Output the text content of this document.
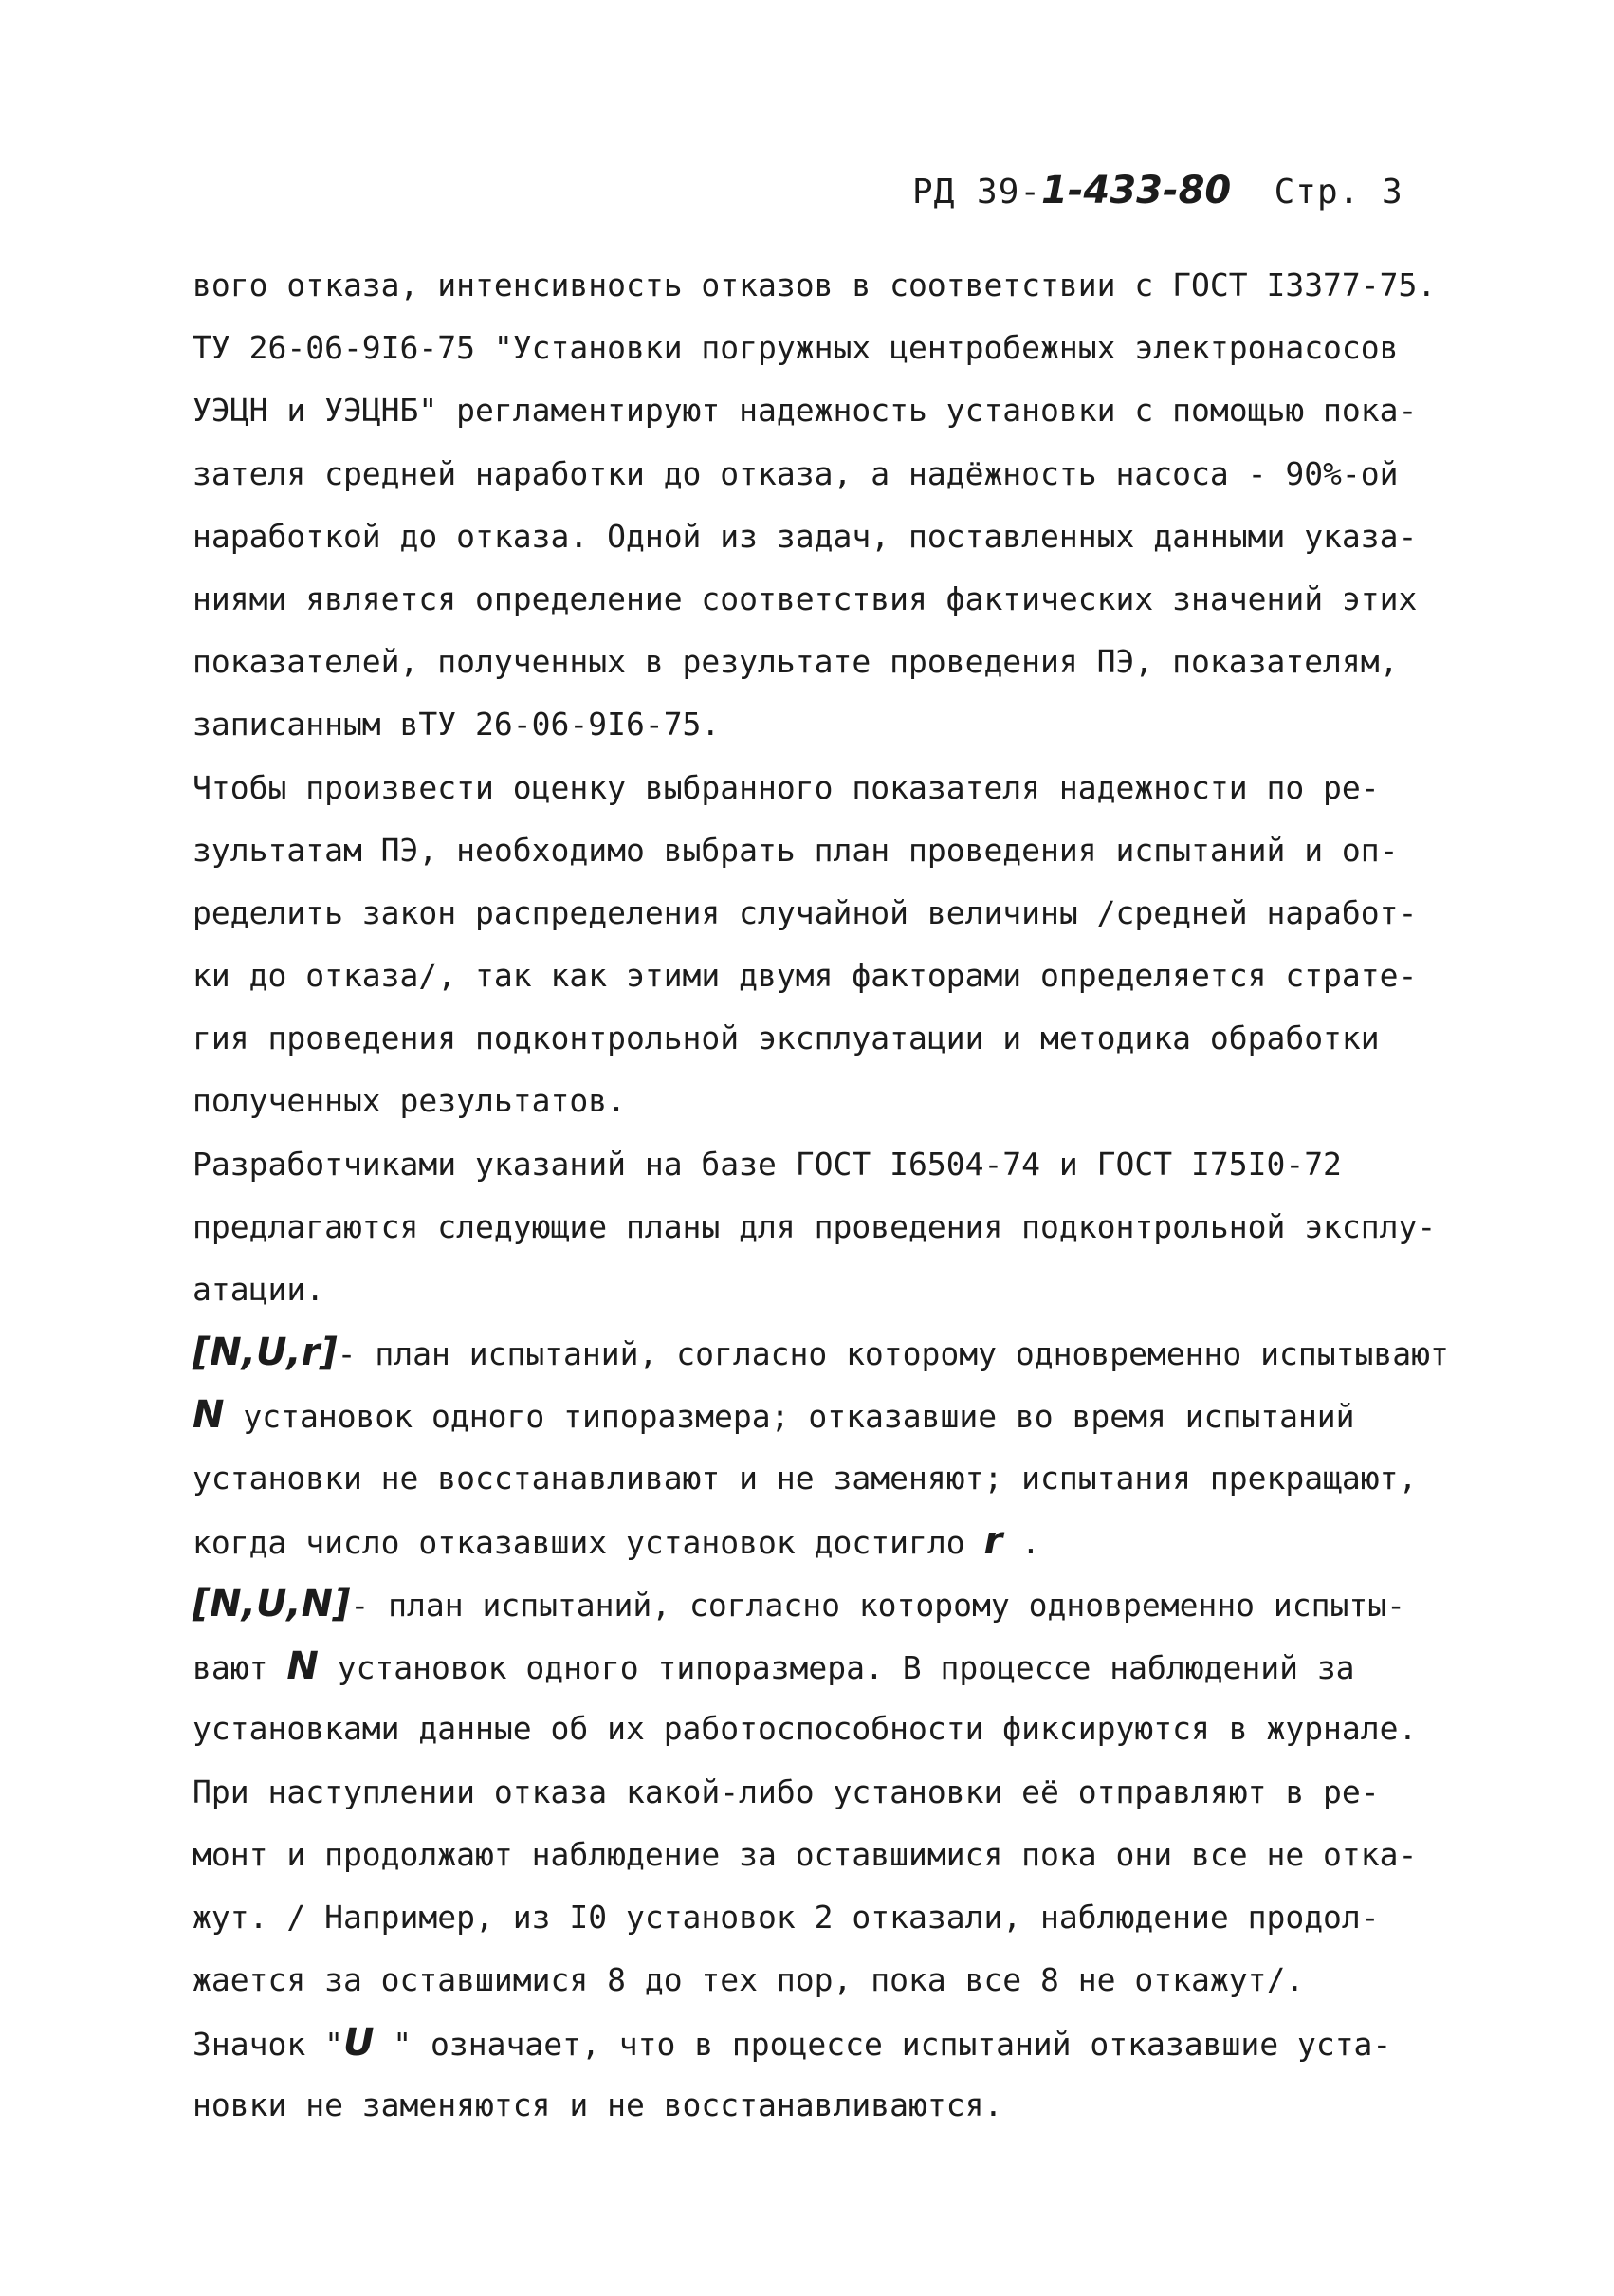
РД 39-1-433-80 Стр. 3
вого отказа, интенсивность отказов в соответствии с ГОСТ I3377-75.
ТУ 26-06-9I6-75 "Установки погружных центробежных электронасосов
УЭЦН и УЭЦНБ" регламентируют надежность установки с помощью пока-
зателя средней наработки до отказа, а надёжность насоса - 90%-ой
наработкой до отказа. Одной из задач, поставленных данными указа-
ниями является определение соответствия фактических значений этих
показателей, полученных в результате проведения ПЭ, показателям,
записанным вТУ 26-06-9I6-75.
Чтобы произвести оценку выбранного показателя надежности по ре-
зультатам ПЭ, необходимо выбрать план проведения испытаний и оп-
ределить закон распределения случайной величины /средней наработ-
ки до отказа/, так как этими двумя факторами определяется страте-
гия проведения подконтрольной эксплуатации и методика обработки
полученных результатов.
Разработчиками указаний на базе ГОСТ I6504-74 и ГОСТ I75I0-72
предлагаются следующие планы для проведения подконтрольной эксплу-
атации.
[N,U,r]- план испытаний, согласно которому одновременно испытывают
N установок одного типоразмера; отказавшие во время испытаний
установки не восстанавливают и не заменяют; испытания прекращают,
когда число отказавших установок достигло r .
[N,U,N]- план испытаний, согласно которому одновременно испыты-
вают N установок одного типоразмера. В процессе наблюдений за
установками данные об их работоспособности фиксируются в журнале.
При наступлении отказа какой-либо установки её отправляют в ре-
монт и продолжают наблюдение за оставшимися пока они все не отка-
жут. / Например, из I0 установок 2 отказали, наблюдение продол-
жается за оставшимися 8 до тех пор, пока все 8 не откажут/.
Значок "U " означает, что в процессе испытаний отказавшие уста-
новки не заменяются и не восстанавливаются.
